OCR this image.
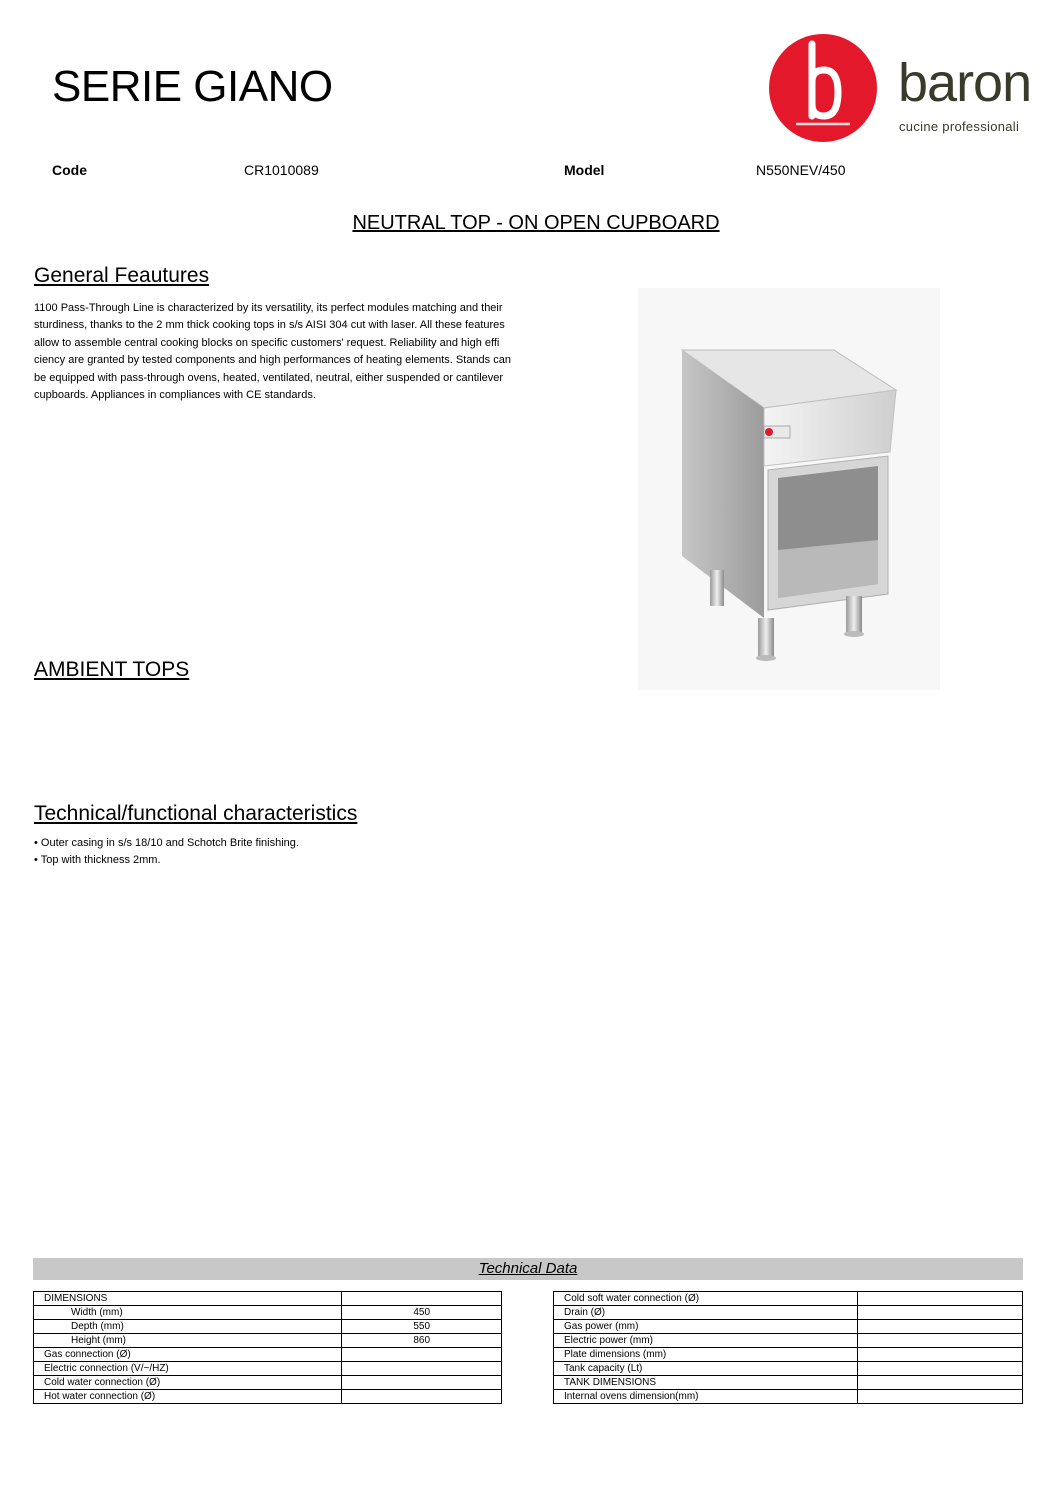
SERIE GIANO	baron
cucine professionali
Code	CR1010089	Model	N550NEV/450
NEUTRAL TOP - ON OPEN CUPBOARD
General Feautures
1100 Pass-Through Line is characterized by its versatility, its perfect modules matching and their sturdiness, thanks to the 2 mm thick cooking tops in s/s AISI 304 cut with laser. All these features allow to assemble central cooking blocks on specific customers' request. Reliability and high effi ciency are granted by tested components and high performances of heating elements. Stands can be equipped with pass-through ovens, heated, ventilated, neutral, either suspended or cantilever cupboards. Appliances in compliances with CE standards.
AMBIENT TOPS
Technical/functional characteristics
• Outer casing in s/s 18/10 and Schotch Brite finishing.
• Top with thickness 2mm.
Technical Data
DIMENSIONS	
Width (mm)	450
Depth (mm)	550
Height (mm)	860
Gas connection (Ø)	
Electric connection (V/~/HZ)	
Cold water connection (Ø)	
Hot water connection (Ø)	
Cold soft water connection (Ø)	
Drain (Ø)	
Gas power (mm)	
Electric power (mm)	
Plate dimensions (mm)	
Tank capacity (Lt)	
TANK DIMENSIONS	
Internal ovens dimension(mm)	
